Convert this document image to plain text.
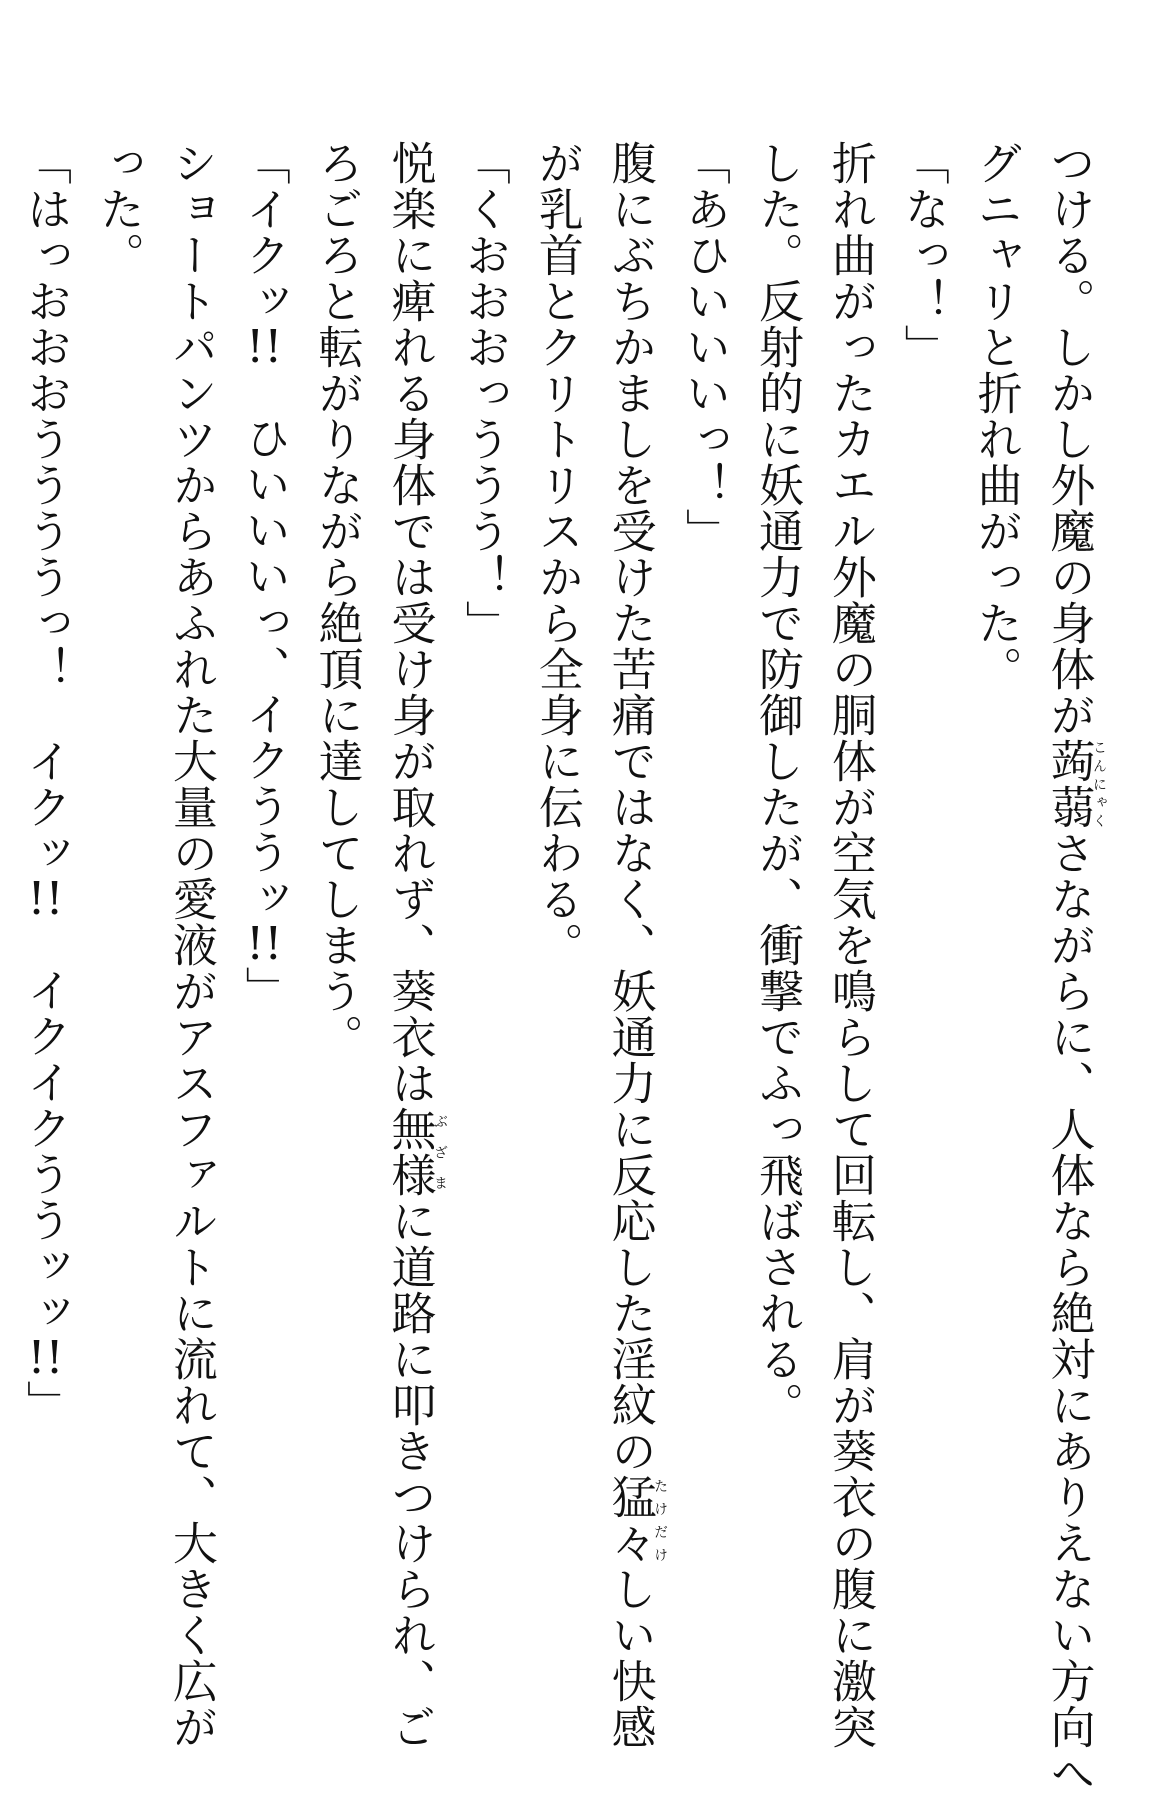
つける。しかし外魔の身体が蒟蒻こんにゃくさながらに、人体なら絶対にありえない方向へ
グニャリと折れ曲がった。
「なっ！」
折れ曲がったカエル外魔の胴体が空気を鳴らして回転し、肩が葵衣の腹に激突
した。反射的に妖通力で防御したが、衝撃でふっ飛ばされる。
「あひいいいっ！」
腹にぶちかましを受けた苦痛ではなく、妖通力に反応した淫紋の猛々たけだけしい快感
が乳首とクリトリスから全身に伝わる。
「くおおおっううう！」
悦楽に痺れる身体では受け身が取れず、葵衣は無様ぶざまに道路に叩きつけられ、ご
ろごろと転がりながら絶頂に達してしまう。
「イクッ!!　ひいいいっ、イクううッ!!」
ショートパンツからあふれた大量の愛液がアスファルトに流れて、大きく広が
った。
「はっおおおううううっ！　イクッ!!　イクイクううッッ!!」
